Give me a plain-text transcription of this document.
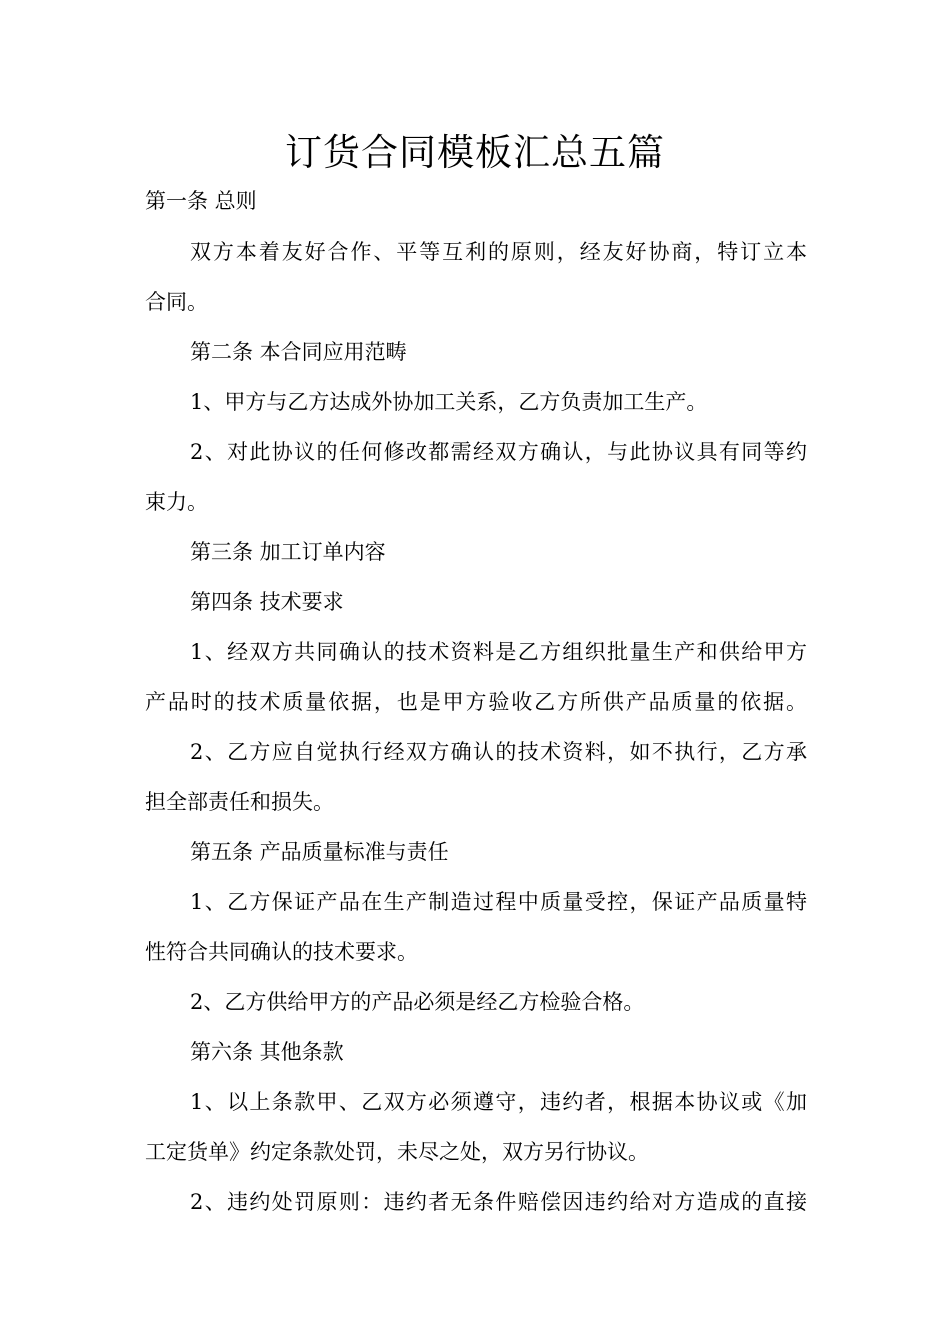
订货合同模板汇总五篇
第一条 总则
双方本着友好合作、平等互利的原则，经友好协商，特订立本
合同。
第二条 本合同应用范畴
1、甲方与乙方达成外协加工关系，乙方负责加工生产。
2、对此协议的任何修改都需经双方确认，与此协议具有同等约
束力。
第三条 加工订单内容
第四条 技术要求
1、经双方共同确认的技术资料是乙方组织批量生产和供给甲方
产品时的技术质量依据，也是甲方验收乙方所供产品质量的依据。
2、乙方应自觉执行经双方确认的技术资料，如不执行，乙方承
担全部责任和损失。
第五条 产品质量标准与责任
1、乙方保证产品在生产制造过程中质量受控，保证产品质量特
性符合共同确认的技术要求。
2、乙方供给甲方的产品必须是经乙方检验合格。
第六条 其他条款
1、以上条款甲、乙双方必须遵守，违约者，根据本协议或《加
工定货单》约定条款处罚，未尽之处，双方另行协议。
2、违约处罚原则：违约者无条件赔偿因违约给对方造成的直接
